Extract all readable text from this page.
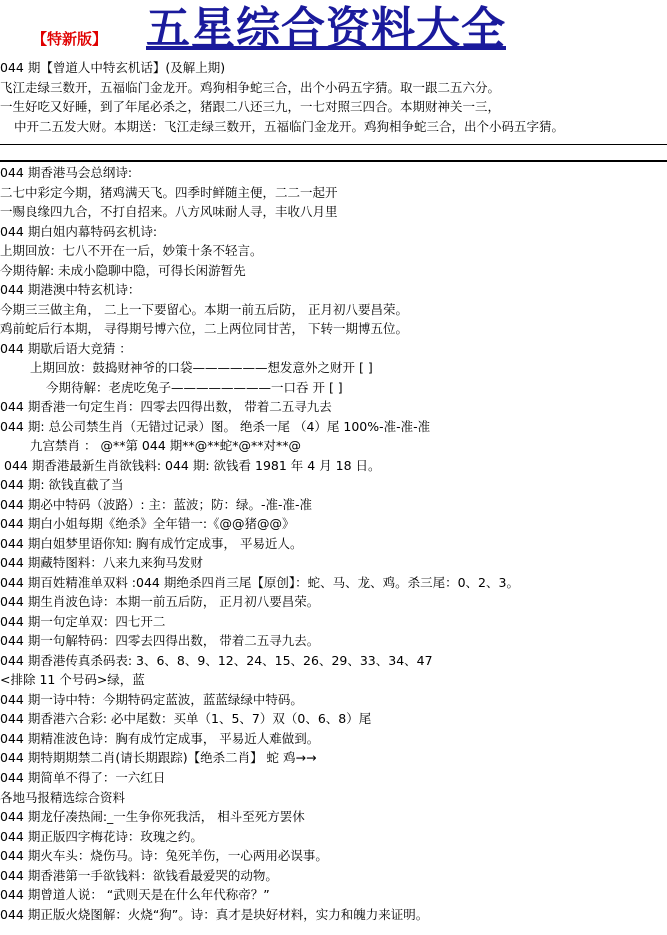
【特新版】 五星综合资料大全
044 期【曾道人中特玄机话】(及解上期)
飞江走绿三数开，五福临门金龙开。鸡狗相争蛇三合，出个小码五字猜。取一跟二五六分。
一生好吃又好睡，到了年尾必杀之，猪跟二八还三九，一七对照三四合。本期财神关一三，
中开二五发大财。本期送：飞江走绿三数开，五福临门金龙开。鸡狗相争蛇三合，出个小码五字猜。
044 期香港马会总纲诗:
二七中彩定今期，猪鸡满天飞。四季时鲜随主便，二二一起开
一赐良缘四九合，不打自招来。八方风味耐人寻，丰收八月里
044 期白姐内幕特码玄机诗:
上期回放：七八不开在一后，妙策十条不轻言。
今期待解: 未成小隐聊中隐，可得长闲游暂先
044 期港澳中特玄机诗：
今期三三做主角， 二上一下要留心。本期一前五后防， 正月初八要昌荣。
鸡前蛇后行本期， 寻得期号博六位，二上两位同甘苦， 下转一期博五位。
044 期歇后语大竞猜 ：
上期回放：鼓捣财神爷的口袋——————想发意外之财开 [ ]
今期待解：老虎吃兔子————————一口吞 开 [ ]
044 期香港一句定生肖：四零去四得出数， 带着二五寻九去
044 期: 总公司禁生肖（无错过记录）图。 绝杀一尾 （4）尾 100%-准-准-准
九宫禁肖 ： @**第 044 期**@**蛇*@**对**@
044 期香港最新生肖欲钱料: 044 期: 欲钱看 1981 年 4 月 18 日。
044 期: 欲钱直截了当
044 期必中特码（波路）: 主：蓝波；防：绿。-准-准-准
044 期白小姐每期《绝杀》全年错一:《@@猪@@》
044 期白姐梦里语你知: 胸有成竹定成事， 平易近人。
044 期藏特图料：八来九来狗马发财
044 期百姓精准单双料 :044 期绝杀四肖三尾【原创】：蛇、马、龙、鸡。杀三尾：0、2、3。
044 期生肖波色诗：本期一前五后防， 正月初八要昌荣。
044 期一句定单双：四七开二
044 期一句解特码：四零去四得出数， 带着二五寻九去。
044 期香港传真杀码表: 3、6、8、9、12、24、15、26、29、33、34、47
<排除 11 个号码>绿，蓝
044 期一诗中特：今期特码定蓝波，蓝蓝绿绿中特码。
044 期香港六合彩: 必中尾数：买单（1、5、7）双（0、6、8）尾
044 期精准波色诗：胸有成竹定成事， 平易近人难做到。
044 期特期期禁二肖(请长期跟踪)【绝杀二肖】 蛇 鸡→→
044 期简单不得了：一六红日
各地马报精选综合资料
044 期龙仔凑热闹:_一生争你死我活， 相斗至死方罢休
044 期正版四字梅花诗：玫瑰之约。
044 期火车头：烧伤马。诗：兔死羊伤，一心两用必误事。
044 期香港第一手欲钱料：欲钱看最爱哭的动物。
044 期曾道人说： “武则天是在什么年代称帝？”
044 期正版火烧图解：火烧“狗”。诗：真才是块好材料，实力和魄力来证明。
